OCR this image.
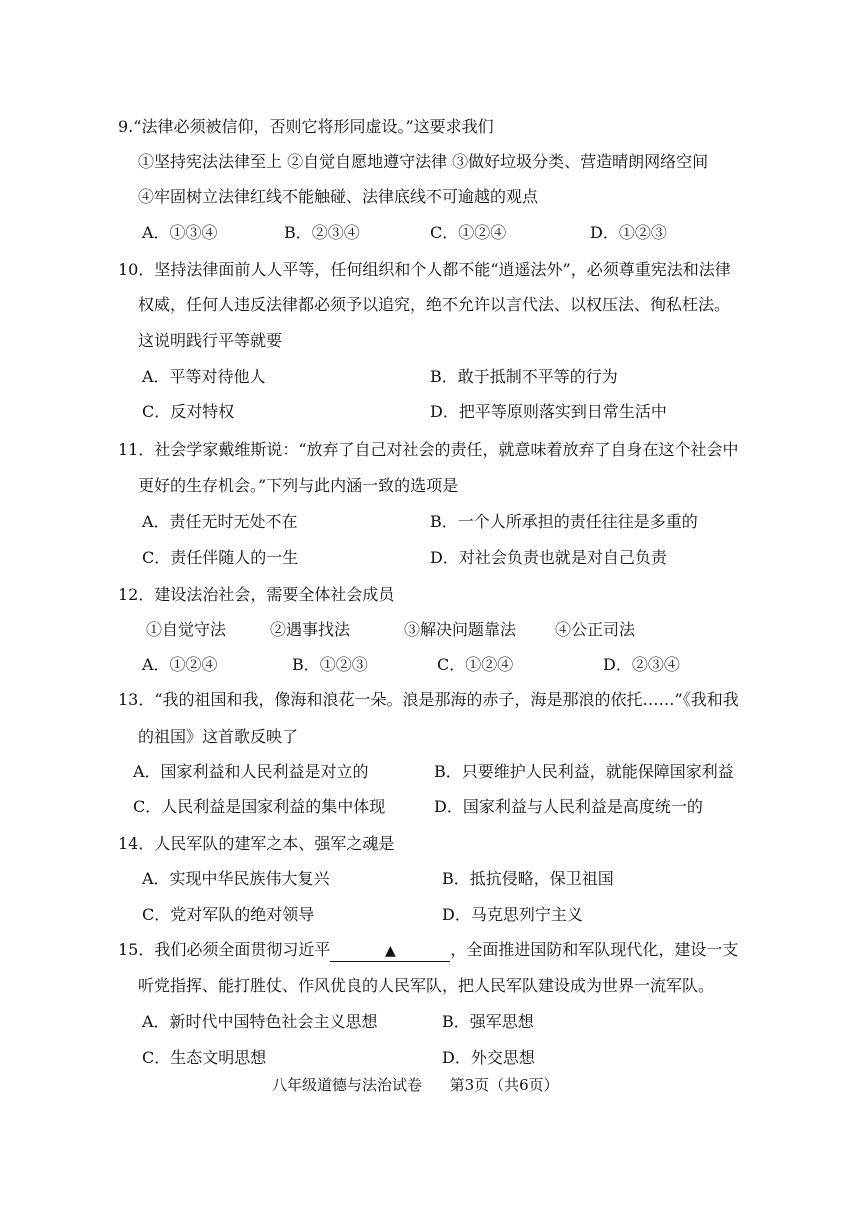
9.“法律必须被信仰，否则它将形同虚设。”这要求我们
①坚持宪法法律至上 ②自觉自愿地遵守法律 ③做好垃圾分类、营造晴朗网络空间
④牢固树立法律红线不能触碰、法律底线不可逾越的观点
A．①③④	B．②③④	C．①②④	D．①②③
10．坚持法律面前人人平等，任何组织和个人都不能“逍遥法外”，必须尊重宪法和法律
权威，任何人违反法律都必须予以追究，绝不允许以言代法、以权压法、徇私枉法。
这说明践行平等就要
A．平等对待他人	B．敢于抵制不平等的行为
C．反对特权	D．把平等原则落实到日常生活中
11．社会学家戴维斯说：“放弃了自己对社会的责任，就意味着放弃了自身在这个社会中
更好的生存机会。”下列与此内涵一致的选项是
A．责任无时无处不在	B．一个人所承担的责任往往是多重的
C．责任伴随人的一生	D．对社会负责也就是对自己负责
12．建设法治社会，需要全体社会成员
①自觉守法	②遇事找法	③解决问题靠法 ④公正司法
A．①②④	B．①②③	C．①②④	D．②③④
13．“我的祖国和我，像海和浪花一朵。浪是那海的赤子，海是那浪的依托……”《我和我
的祖国》这首歌反映了
A．国家利益和人民利益是对立的	B．只要维护人民利益，就能保障国家利益
C．人民利益是国家利益的集中体现	D．国家利益与人民利益是高度统一的
14．人民军队的建军之本、强军之魂是
A．实现中华民族伟大复兴	B．抵抗侵略，保卫祖国
C．党对军队的绝对领导	D．马克思列宁主义
15．我们必须全面贯彻习近平	▲	，全面推进国防和军队现代化，建设一支
听党指挥、能打胜仗、作风优良的人民军队，把人民军队建设成为世界一流军队。
A．新时代中国特色社会主义思想	B．强军思想
C．生态文明思想	D．外交思想
八年级道德与法治试卷 第3页（共6页）
